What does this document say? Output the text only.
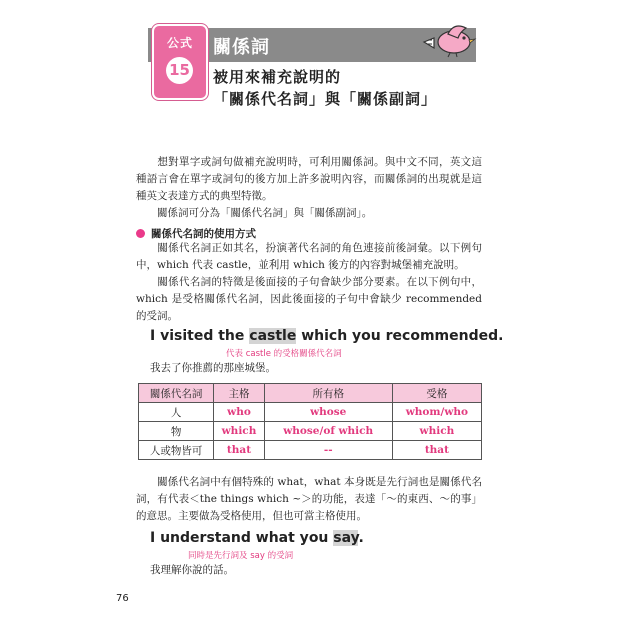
公式
15
關係詞
被用來補充說明的
「關係代名詞」與「關係副詞」

想對單字或詞句做補充說明時，可利用關係詞。與中文不同，英文這種語言會在單字或詞句的後方加上許多說明內容，而關係詞的出現就是這種英文表達方式的典型特徵。

關係詞可分為「關係代名詞」與「關係副詞」。

關係代名詞的使用方式

關係代名詞正如其名，扮演著代名詞的角色連接前後詞彙。以下例句中，which 代表 castle，並利用 which 後方的內容對城堡補充說明。

關係代名詞的特徵是後面接的子句會缺少部分要素。在以下例句中，which 是受格關係代名詞，因此後面接的子句中會缺少 recommended 的受詞。

I visited the castle which you recommended.
代表 castle 的受格關係代名詞
我去了你推薦的那座城堡。
關係代名詞	主格	所有格	受格
人	who	whose	whom/who
物	which	whose/of which	which
人或物皆可	that	--	that

關係代名詞中有個特殊的 what，what 本身既是先行詞也是關係代名詞，有代表＜the things which ~＞的功能，表達「～的東西、～的事」的意思。主要做為受格使用，但也可當主格使用。

I understand what you say.
同時是先行詞及 say 的受詞
我理解你說的話。
76
